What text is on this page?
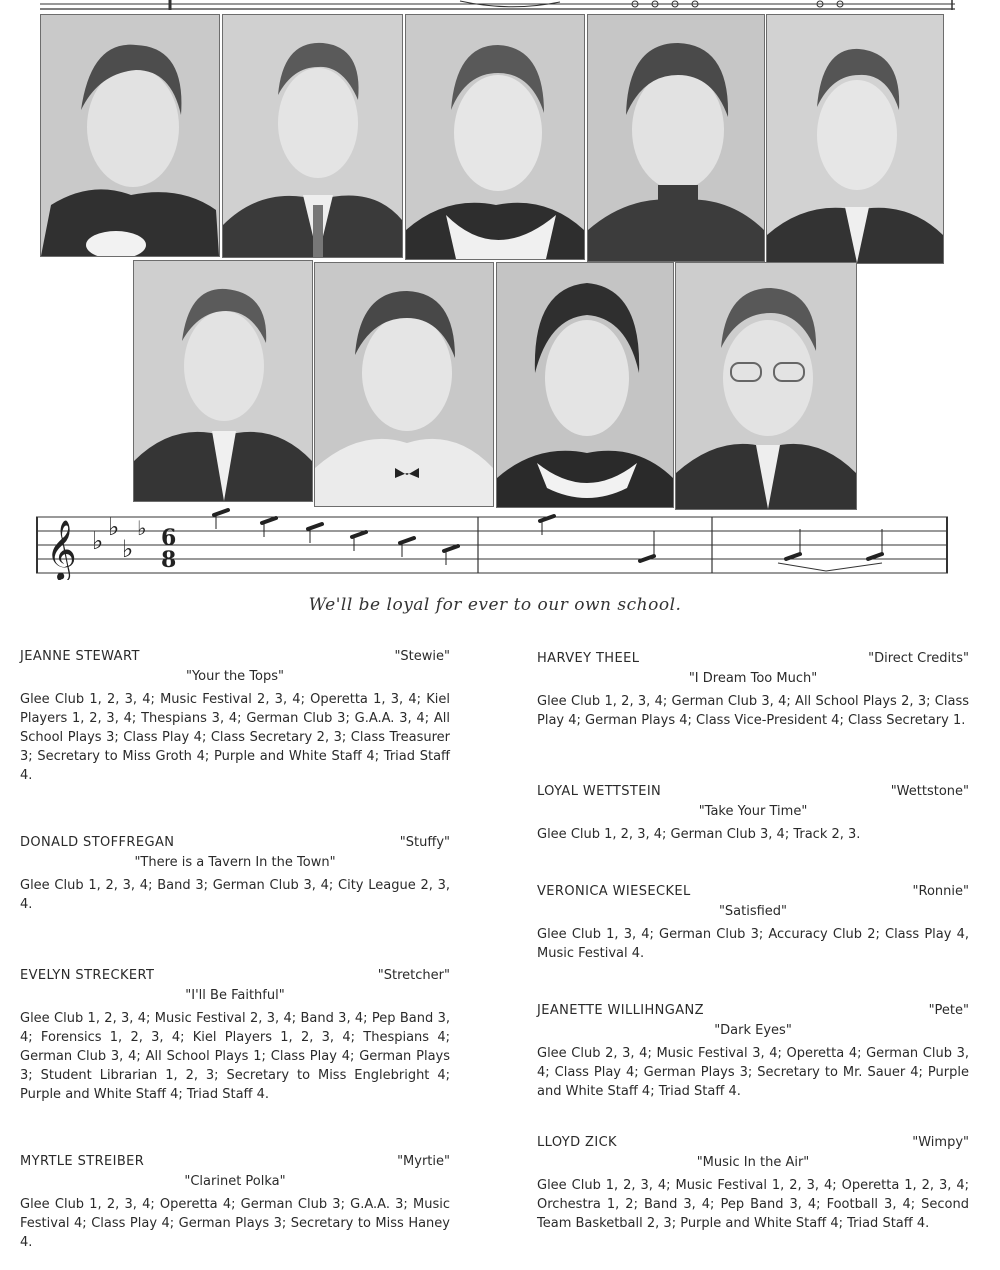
𝄞 ♭ ♭
♭
♭ 6
8
We'll be loyal for ever to our own school.
JEANNE STEWART	"Stewie"
"Your the Tops"
Glee Club 1, 2, 3, 4; Music Festival 2, 3, 4; Operetta 1, 3, 4; Kiel Players 1, 2, 3, 4; Thespians 3, 4; German Club 3; G.A.A. 3, 4; All School Plays 3; Class Play 4; Class Secretary 2, 3; Class Treasurer 3; Secretary to Miss Groth 4; Purple and White Staff 4; Triad Staff 4.
DONALD STOFFREGAN	"Stuffy"
"There is a Tavern In the Town"
Glee Club 1, 2, 3, 4; Band 3; German Club 3, 4; City League 2, 3, 4.
EVELYN STRECKERT	"Stretcher"
"I'll Be Faithful"
Glee Club 1, 2, 3, 4; Music Festival 2, 3, 4; Band 3, 4; Pep Band 3, 4; Forensics 1, 2, 3, 4; Kiel Players 1, 2, 3, 4; Thespians 4; German Club 3, 4; All School Plays 1; Class Play 4; German Plays 3; Student Librarian 1, 2, 3; Secretary to Miss Englebright 4; Purple and White Staff 4; Triad Staff 4.
MYRTLE STREIBER	"Myrtie"
"Clarinet Polka"
Glee Club 1, 2, 3, 4; Operetta 4; German Club 3; G.A.A. 3; Music Festival 4; Class Play 4; German Plays 3; Secretary to Miss Haney 4.
HARVEY THEEL	"Direct Credits"
"I Dream Too Much"
Glee Club 1, 2, 3, 4; German Club 3, 4; All School Plays 2, 3; Class Play 4; German Plays 4; Class Vice-President 4; Class Secretary 1.
LOYAL WETTSTEIN	"Wettstone"
"Take Your Time"
Glee Club 1, 2, 3, 4; German Club 3, 4; Track 2, 3.
VERONICA WIESECKEL	"Ronnie"
"Satisfied"
Glee Club 1, 3, 4; German Club 3; Accuracy Club 2; Class Play 4, Music Festival 4.
JEANETTE WILLIHNGANZ	"Pete"
"Dark Eyes"
Glee Club 2, 3, 4; Music Festival 3, 4; Operetta 4; German Club 3, 4; Class Play 4; German Plays 3; Secretary to Mr. Sauer 4; Purple and White Staff 4; Triad Staff 4.
LLOYD ZICK	"Wimpy"
"Music In the Air"
Glee Club 1, 2, 3, 4; Music Festival 1, 2, 3, 4; Operetta 1, 2, 3, 4; Orchestra 1, 2; Band 3, 4; Pep Band 3, 4; Football 3, 4; Second Team Basketball 2, 3; Purple and White Staff 4; Triad Staff 4.
